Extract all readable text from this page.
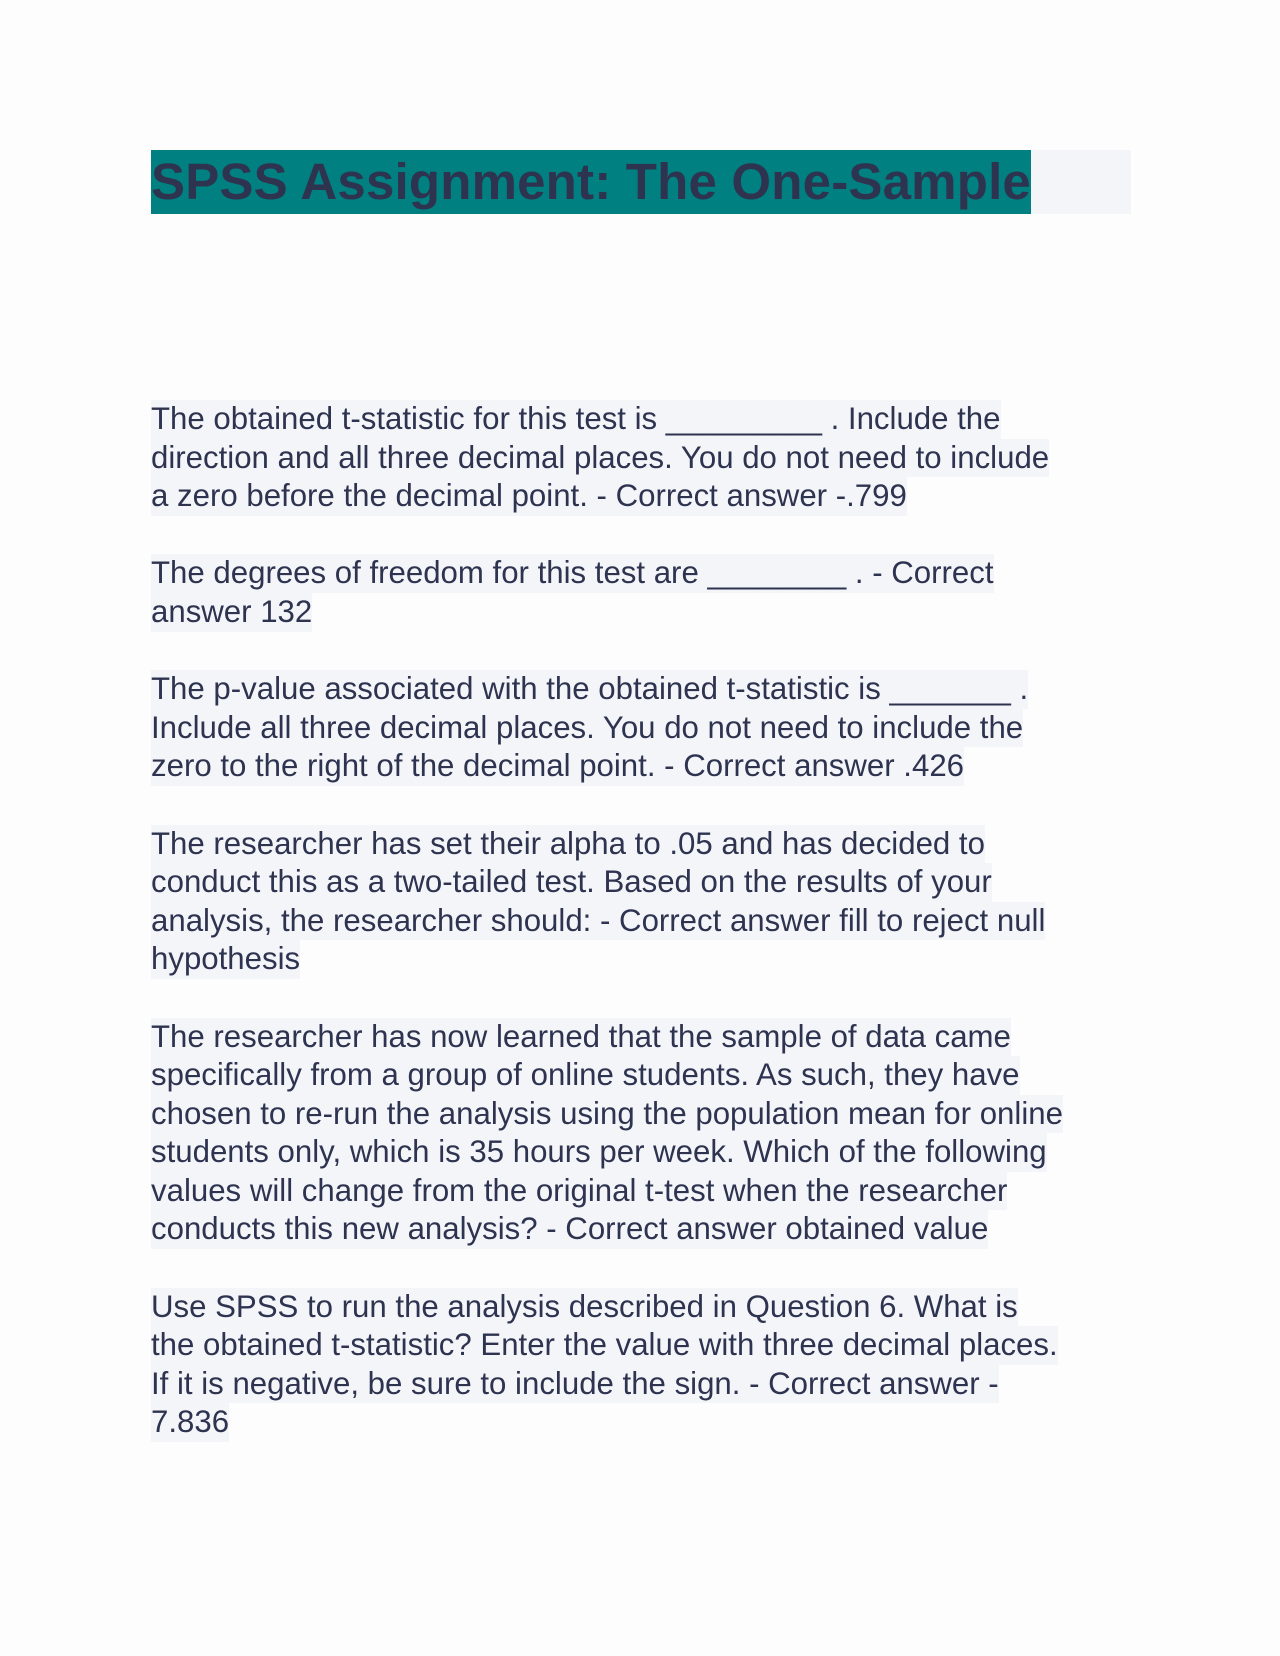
SPSS Assignment: The One-Sample
The obtained t-statistic for this test is _________ . Include the
direction and all three decimal places. You do not need to include
a zero before the decimal point. - Correct answer -.799
The degrees of freedom for this test are ________ . - Correct
answer 132
The p-value associated with the obtained t-statistic is _______ .
Include all three decimal places. You do not need to include the
zero to the right of the decimal point. - Correct answer .426
The researcher has set their alpha to .05 and has decided to
conduct this as a two-tailed test. Based on the results of your
analysis, the researcher should: - Correct answer fill to reject null
hypothesis
The researcher has now learned that the sample of data came
specifically from a group of online students. As such, they have
chosen to re-run the analysis using the population mean for online
students only, which is 35 hours per week. Which of the following
values will change from the original t-test when the researcher
conducts this new analysis? - Correct answer obtained value
Use SPSS to run the analysis described in Question 6. What is
the obtained t-statistic? Enter the value with three decimal places.
If it is negative, be sure to include the sign. - Correct answer -
7.836
